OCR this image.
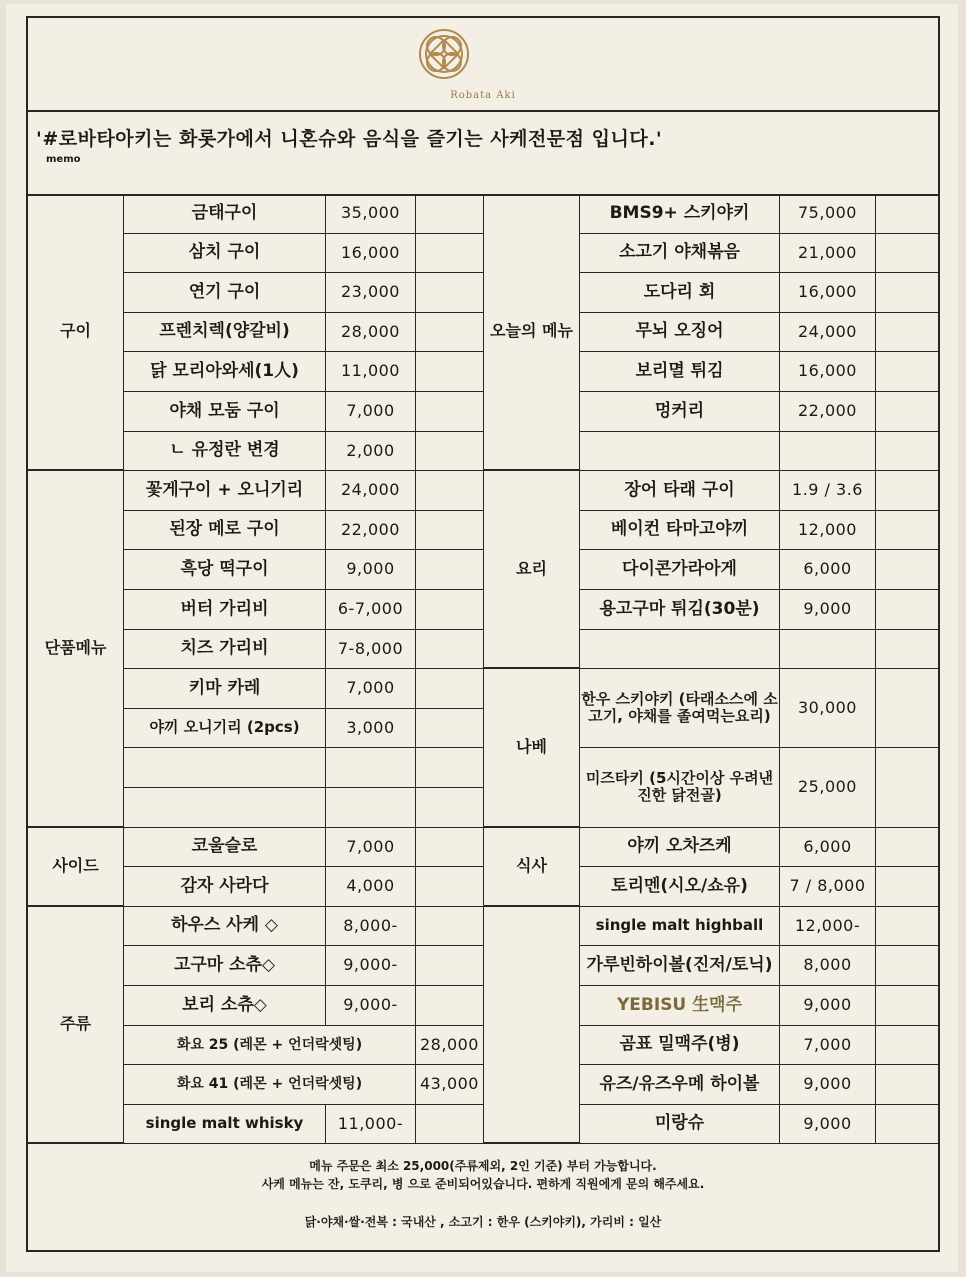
Robata Aki
'#로바타아키는 화롯가에서 니혼슈와 음식을 즐기는 사케전문점 입니다.'
memo
구이
금태구이	35,000
삼치 구이	16,000
연기 구이	23,000
프렌치렉(양갈비)	28,000
닭 모리아와세(1人)	11,000
야채 모둠 구이	7,000
ㄴ 유정란 변경	2,000
단품메뉴
꽃게구이 + 오니기리	24,000
된장 메로 구이	22,000
흑당 떡구이	9,000
버터 가리비	6-7,000
치즈 가리비	7-8,000
키마 카레	7,000
야끼 오니기리 (2pcs)	3,000
사이드
코울슬로	7,000
감자 사라다	4,000
주류
하우스 사케 ◇	8,000-
고구마 소츄◇	9,000-
보리 소츄◇	9,000-
화요 25 (레몬 + 언더락셋팅)	28,000
화요 41 (레몬 + 언더락셋팅)	43,000
single malt whisky	11,000-
오늘의 메뉴
BMS9+ 스키야키	75,000
소고기 야채볶음	21,000
도다리 회	16,000
무뇌 오징어	24,000
보리멸 튀김	16,000
멍커리	22,000
요리
장어 타래 구이	1.9 / 3.6
베이컨 타마고야끼	12,000
다이콘가라아게	6,000
용고구마 튀김(30분)	9,000
나베
한우 스키야키 (타래소스에 소고기, 야채를 졸여먹는요리)	30,000
미즈타키 (5시간이상 우려낸 진한 닭전골)	25,000
식사
야끼 오차즈케	6,000
토리멘(시오/쇼유)	7 / 8,000
single malt highball	12,000-
가루빈하이볼(진저/토닉)	8,000
YEBISU 生맥주	9,000
곰표 밀맥주(병)	7,000
유즈/유즈우메 하이볼	9,000
미랑슈	9,000

메뉴 주문은 최소 25,000(주류제외, 2인 기준) 부터 가능합니다.

사케 메뉴는 잔, 도쿠리, 병 으로 준비되어있습니다. 편하게 직원에게 문의 해주세요.

닭·야채·쌀·전복 : 국내산 , 소고기 : 한우 (스키야키), 가리비 : 일산
